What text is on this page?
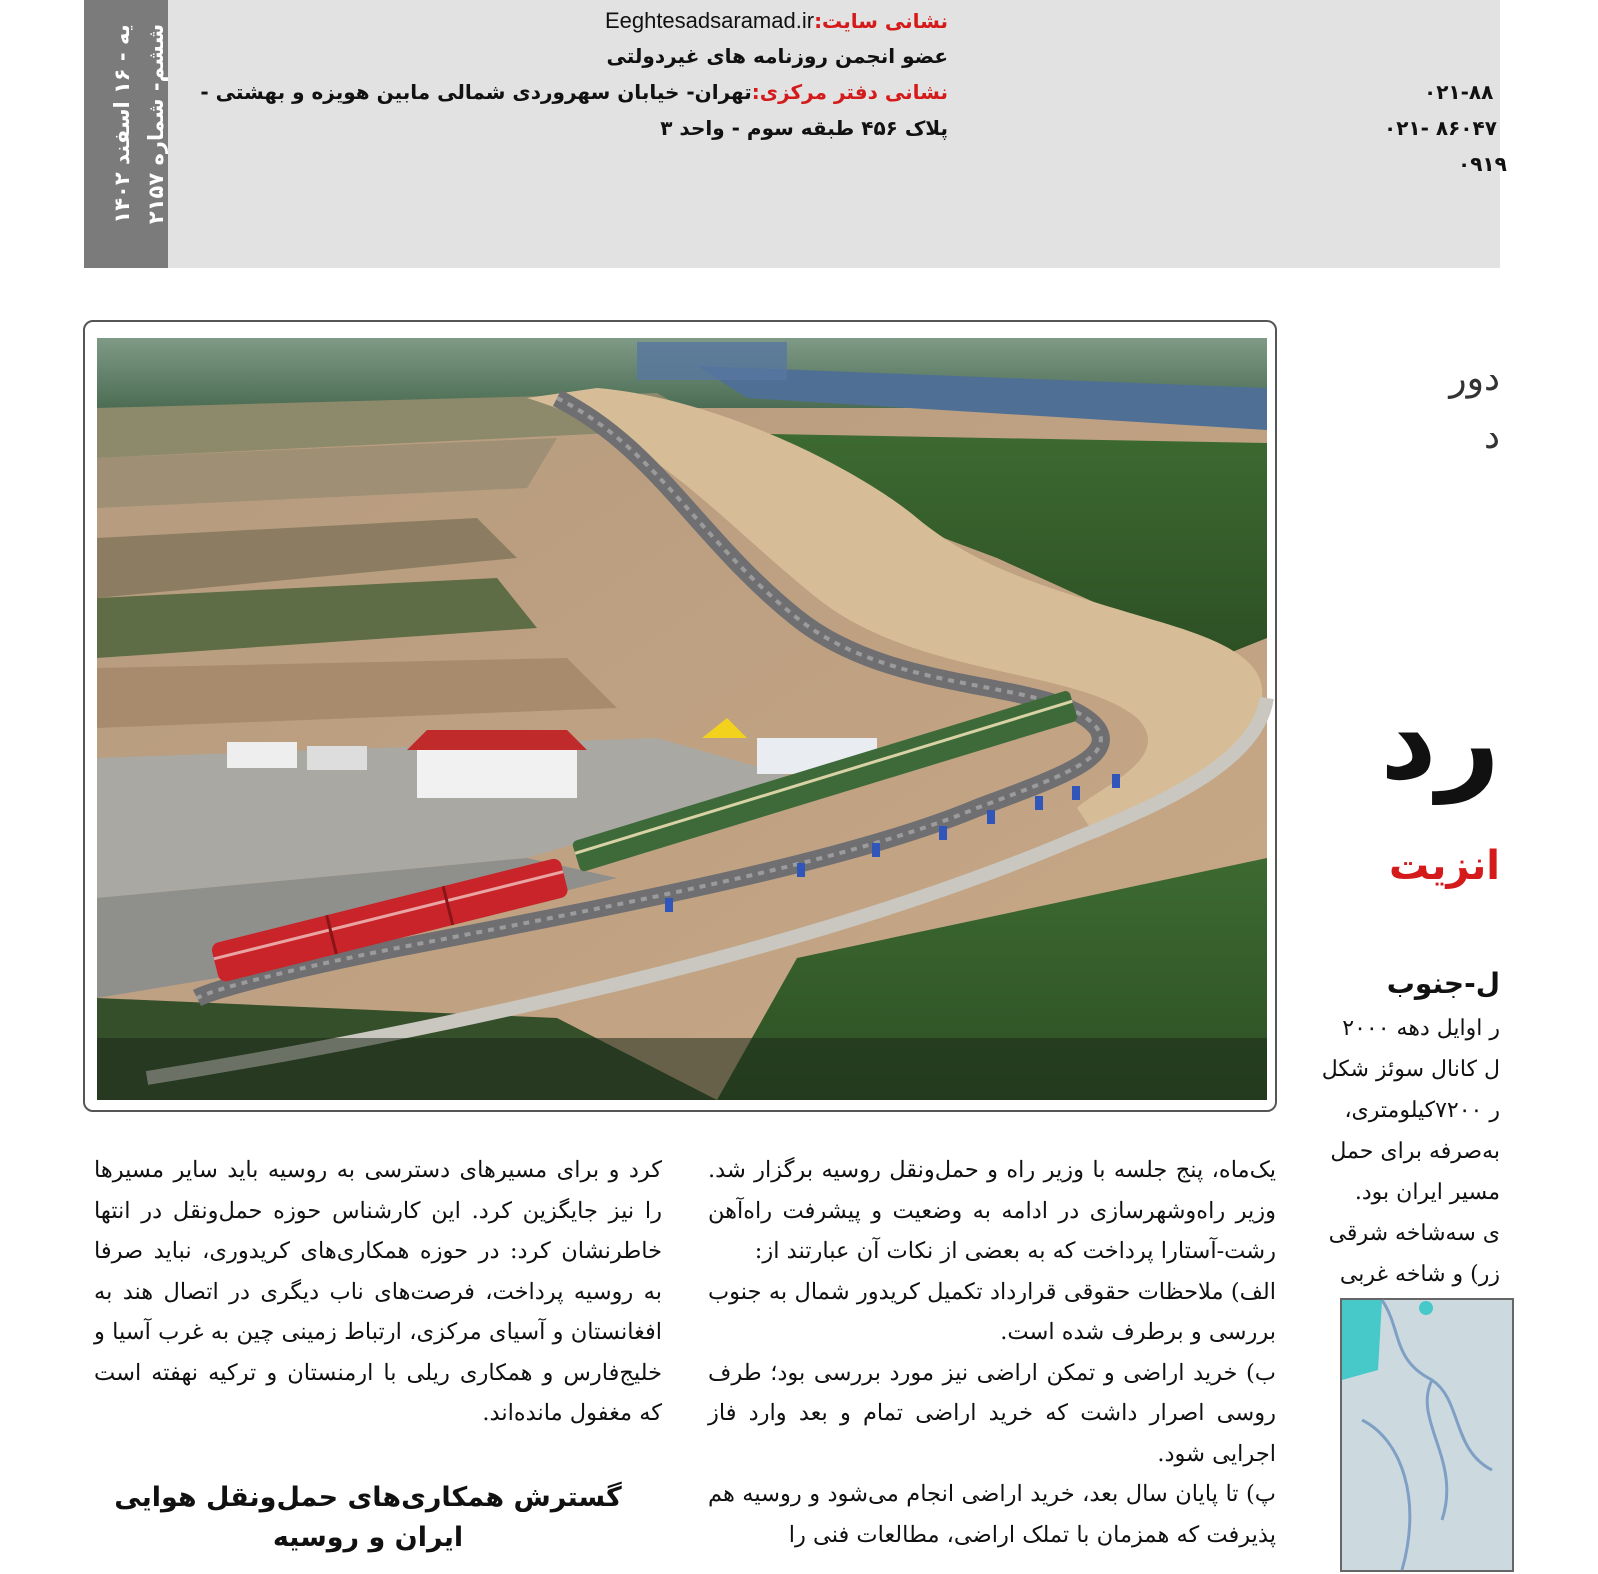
یه - ۱۶ اسفند ۱۴۰۲
ششم- شماره ۲۱۵۷
نشانی سایت:Eeghtesadsaramad.ir
عضو انجمن روزنامه های غیردولتی
نشانی دفتر مرکزی:تهران- خیابان سهروردی شمالی مابین هویزه و بهشتی -
پلاک ۴۵۶ طبقه سوم - واحد ۳
۰۲۱-۸۸
۰۲۱- ۸۶۰۴۷
۰۹۱۹
دور
د
رد
انزیت
ل-جنوب

ر اوایل دهه ۲۰۰۰

ل کانال سوئز شکل

ر ۷۲۰۰کیلومتری،

به‌صرفه برای حمل

مسیر ایران بود.

ی سه‌شاخه شرقی

زر) و شاخه غربی

یک‌ماه، پنج جلسه با وزیر راه و حمل‌ونقل روسیه برگزار شد. وزیر راه‌وشهرسازی در ادامه به وضعیت و پیشرفت راه‌آهن رشت-آستارا پرداخت که به بعضی از نکات آن عبارتند از:

الف) ملاحظات حقوقی قرارداد تکمیل کریدور شمال به جنوب بررسی و برطرف شده است.

ب) خرید اراضی و تمکن اراضی نیز مورد بررسی بود؛ طرف روسی اصرار داشت که خرید اراضی تمام و بعد وارد فاز اجرایی شود.

پ) تا پایان سال بعد، خرید اراضی انجام می‌شود و روسیه هم پذیرفت که همزمان با تملک اراضی، مطالعات فنی را

کرد و برای مسیرهای دسترسی به روسیه باید سایر مسیرها را نیز جایگزین کرد. این کارشناس حوزه حمل‌ونقل در انتها خاطرنشان کرد: در حوزه همکاری‌های کریدوری، نباید صرفا به روسیه پرداخت، فرصت‌های ناب دیگری در اتصال هند به افغانستان و آسیای مرکزی، ارتباط زمینی چین به غرب آسیا و خلیج‌فارس و همکاری ریلی با ارمنستان و ترکیه نهفته است که مغفول مانده‌اند.

گسترش همکاری‌های حمل‌ونقل هوایی ایران و روسیه
